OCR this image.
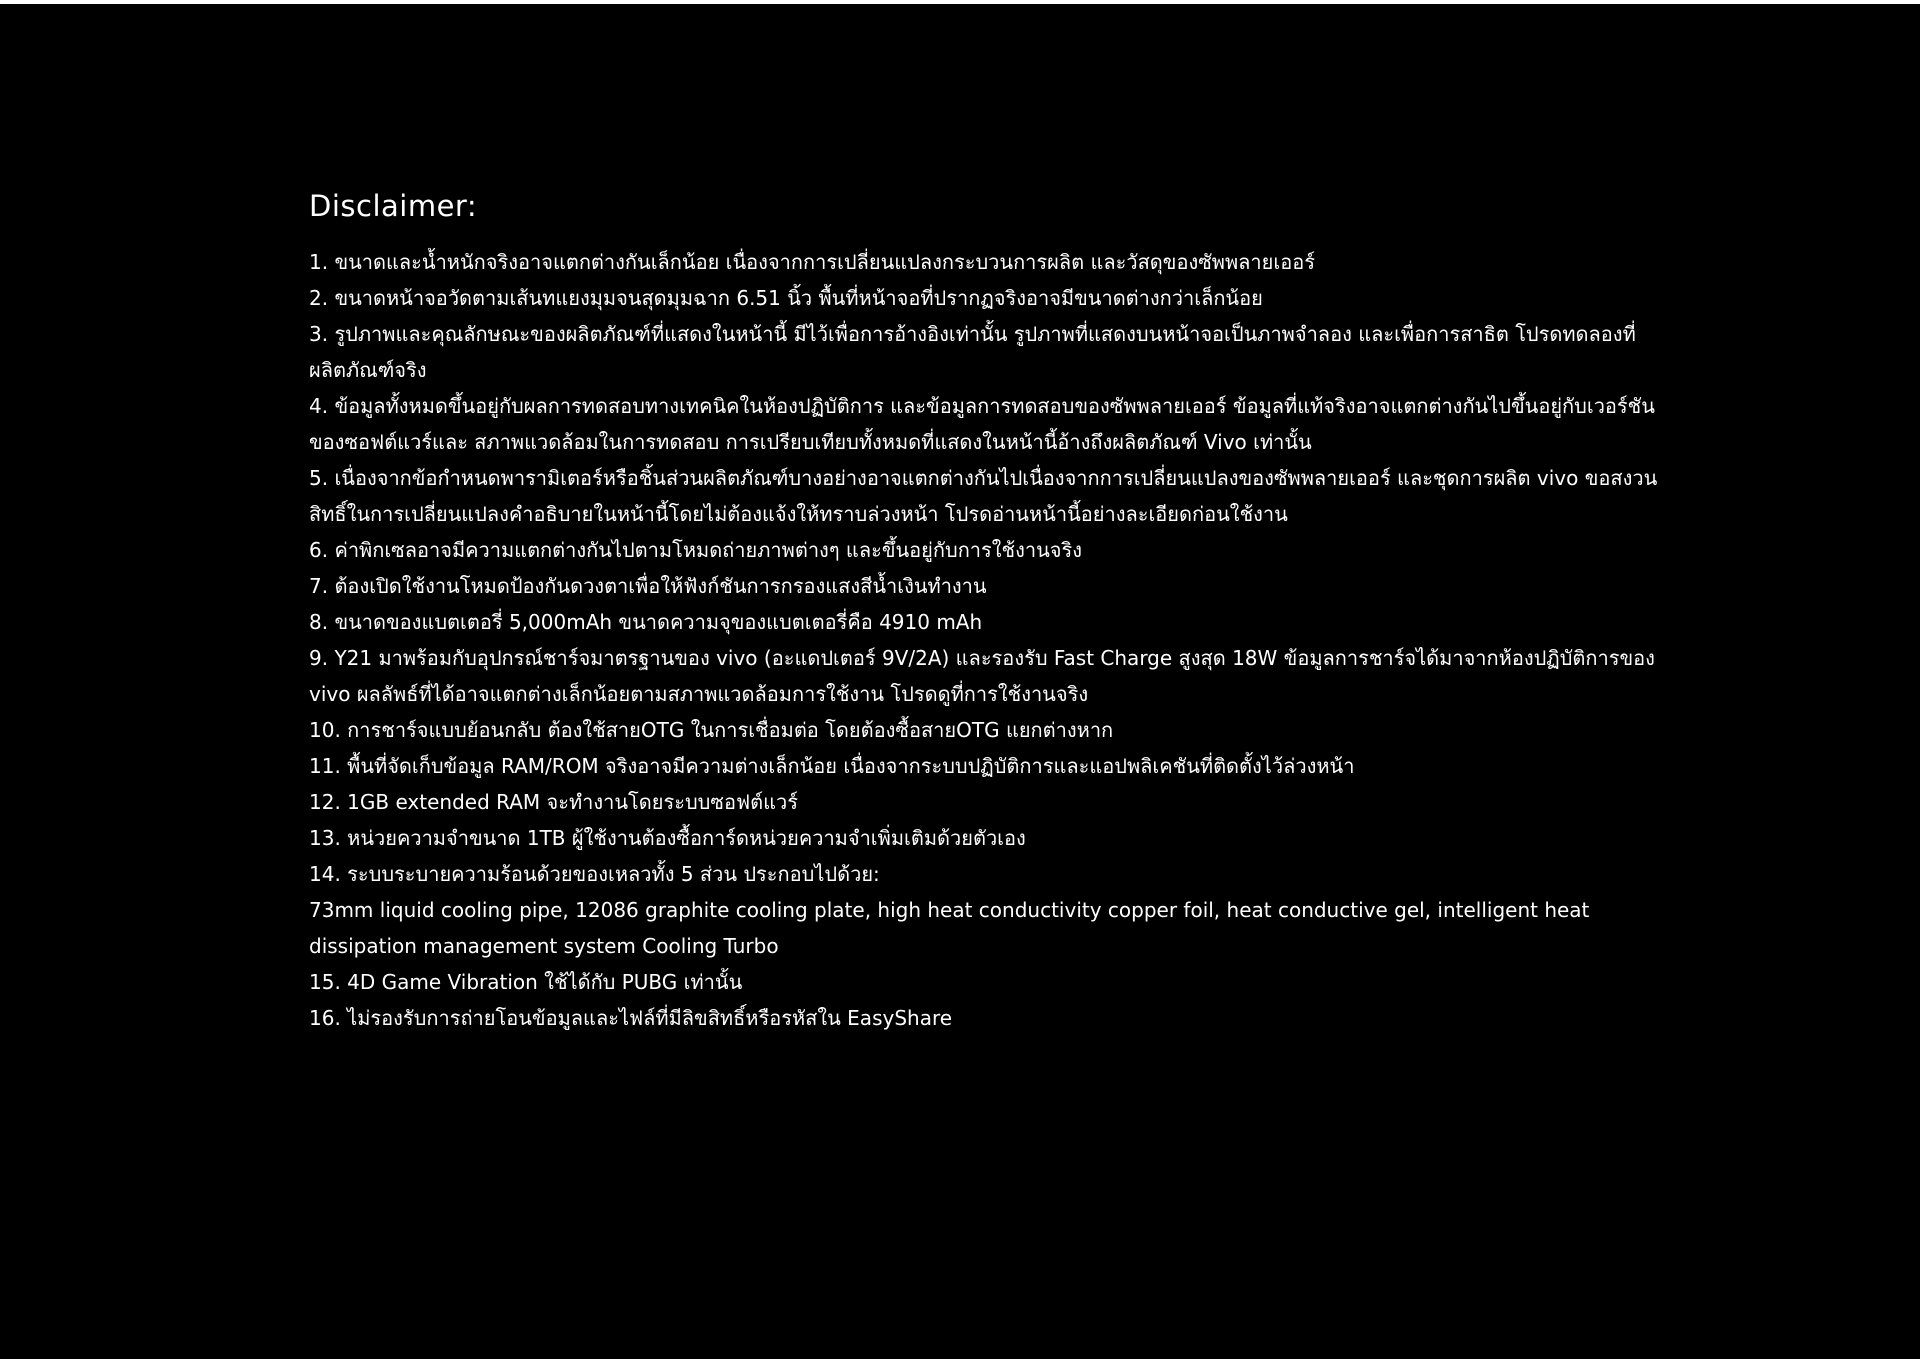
Disclaimer:
1. ขนาดและน้ำหนักจริงอาจแตกต่างกันเล็กน้อย เนื่องจากการเปลี่ยนแปลงกระบวนการผลิต และวัสดุของซัพพลายเออร์
2. ขนาดหน้าจอวัดตามเส้นทแยงมุมจนสุดมุมฉาก 6.51 นิ้ว พื้นที่หน้าจอที่ปรากฏจริงอาจมีขนาดต่างกว่าเล็กน้อย
3. รูปภาพและคุณลักษณะของผลิตภัณฑ์ที่แสดงในหน้านี้ มีไว้เพื่อการอ้างอิงเท่านั้น รูปภาพที่แสดงบนหน้าจอเป็นภาพจำลอง และเพื่อการสาธิต โปรดทดลองที่ผลิตภัณฑ์จริง
4. ข้อมูลทั้งหมดขึ้นอยู่กับผลการทดสอบทางเทคนิคในห้องปฏิบัติการ และข้อมูลการทดสอบของซัพพลายเออร์ ข้อมูลที่แท้จริงอาจแตกต่างกันไปขึ้นอยู่กับเวอร์ชันของซอฟต์แวร์และ สภาพแวดล้อมในการทดสอบ การเปรียบเทียบทั้งหมดที่แสดงในหน้านี้อ้างถึงผลิตภัณฑ์ Vivo เท่านั้น
5. เนื่องจากข้อกำหนดพารามิเตอร์หรือชิ้นส่วนผลิตภัณฑ์บางอย่างอาจแตกต่างกันไปเนื่องจากการเปลี่ยนแปลงของซัพพลายเออร์ และชุดการผลิต vivo ขอสงวนสิทธิ์ในการเปลี่ยนแปลงคำอธิบายในหน้านี้โดยไม่ต้องแจ้งให้ทราบล่วงหน้า โปรดอ่านหน้านี้อย่างละเอียดก่อนใช้งาน
6. ค่าพิกเซลอาจมีความแตกต่างกันไปตามโหมดถ่ายภาพต่างๆ และขึ้นอยู่กับการใช้งานจริง
7. ต้องเปิดใช้งานโหมดป้องกันดวงตาเพื่อให้ฟังก์ชันการกรองแสงสีน้ำเงินทำงาน
8. ขนาดของแบตเตอรี่ 5,000mAh ขนาดความจุของแบตเตอรี่คือ 4910 mAh
9. Y21 มาพร้อมกับอุปกรณ์ชาร์จมาตรฐานของ vivo (อะแดปเตอร์ 9V/2A) และรองรับ Fast Charge สูงสุด 18W ข้อมูลการชาร์จได้มาจากห้องปฏิบัติการของ vivo ผลลัพธ์ที่ได้อาจแตกต่างเล็กน้อยตามสภาพแวดล้อมการใช้งาน โปรดดูที่การใช้งานจริง
10. การชาร์จแบบย้อนกลับ ต้องใช้สายOTG ในการเชื่อมต่อ โดยต้องซื้อสายOTG แยกต่างหาก
11. พื้นที่จัดเก็บข้อมูล RAM/ROM จริงอาจมีความต่างเล็กน้อย เนื่องจากระบบปฏิบัติการและแอปพลิเคชันที่ติดตั้งไว้ล่วงหน้า
12. 1GB extended RAM จะทำงานโดยระบบซอฟต์แวร์
13. หน่วยความจำขนาด 1TB ผู้ใช้งานต้องซื้อการ์ดหน่วยความจำเพิ่มเติมด้วยตัวเอง
14. ระบบระบายความร้อนด้วยของเหลวทั้ง 5 ส่วน ประกอบไปด้วย:
73mm liquid cooling pipe, 12086 graphite cooling plate, high heat conductivity copper foil, heat conductive gel, intelligent heat dissipation management system Cooling Turbo
15. 4D Game Vibration ใช้ได้กับ PUBG เท่านั้น
16. ไม่รองรับการถ่ายโอนข้อมูลและไฟล์ที่มีลิขสิทธิ์หรือรหัสใน EasyShare
